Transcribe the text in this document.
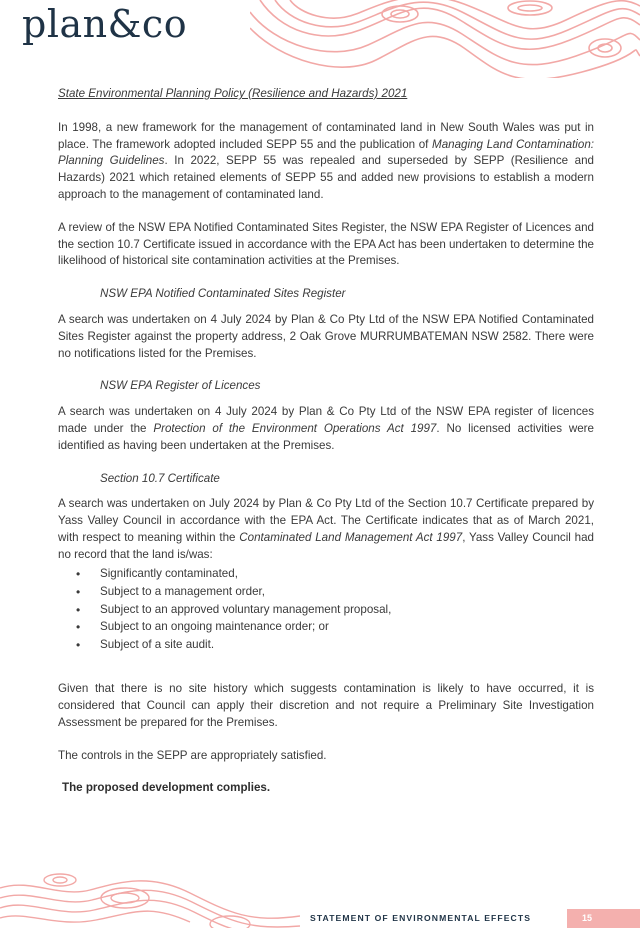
plan&co

State Environmental Planning Policy (Resilience and Hazards) 2021

In 1998, a new framework for the management of contaminated land in New South Wales was put in place. The framework adopted included SEPP 55 and the publication of Managing Land Contamination: Planning Guidelines. In 2022, SEPP 55 was repealed and superseded by SEPP (Resilience and Hazards) 2021 which retained elements of SEPP 55 and added new provisions to establish a modern approach to the management of contaminated land.

A review of the NSW EPA Notified Contaminated Sites Register, the NSW EPA Register of Licences and the section 10.7 Certificate issued in accordance with the EPA Act has been undertaken to determine the likelihood of historical site contamination activities at the Premises.

NSW EPA Notified Contaminated Sites Register

A search was undertaken on 4 July 2024 by Plan & Co Pty Ltd of the NSW EPA Notified Contaminated Sites Register against the property address, 2 Oak Grove MURRUMBATEMAN NSW 2582. There were no notifications listed for the Premises.

NSW EPA Register of Licences

A search was undertaken on 4 July 2024 by Plan & Co Pty Ltd of the NSW EPA register of licences made under the Protection of the Environment Operations Act 1997. No licensed activities were identified as having been undertaken at the Premises.

Section 10.7 Certificate

A search was undertaken on July 2024 by Plan & Co Pty Ltd of the Section 10.7 Certificate prepared by Yass Valley Council in accordance with the EPA Act. The Certificate indicates that as of March 2021, with respect to meaning within the Contaminated Land Management Act 1997, Yass Valley Council had no record that the land is/was:

• Significantly contaminated,
• Subject to a management order,
• Subject to an approved voluntary management proposal,
• Subject to an ongoing maintenance order; or
• Subject of a site audit.

Given that there is no site history which suggests contamination is likely to have occurred, it is considered that Council can apply their discretion and not require a Preliminary Site Investigation Assessment be prepared for the Premises.

The controls in the SEPP are appropriately satisfied.

The proposed development complies.

STATEMENT OF ENVIRONMENTAL EFFECTS	15
